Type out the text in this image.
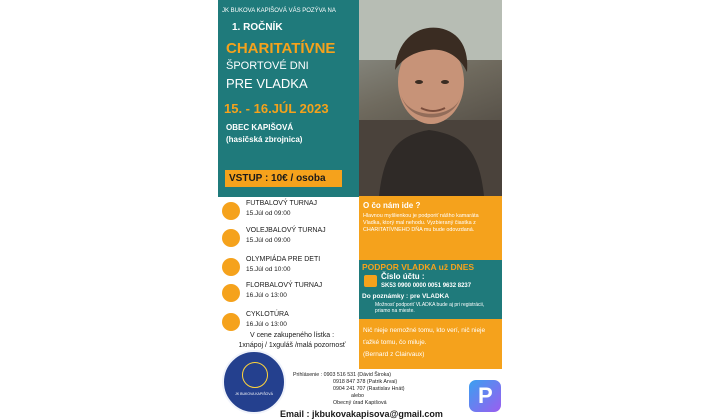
JK BUKOVA KAPIŠOVÁ VÁS POZÝVA NA
1. ROČNÍK
CHARITATÍVNE
ŠPORTOVÉ DNI
PRE VLADKA
15. - 16.JÚL 2023
OBEC KAPIŠOVÁ
(hasičská zbrojnica)
VSTUP : 10€ / osoba
FUTBALOVÝ TURNAJ
15.Júl od 09:00
VOLEJBALOVÝ TURNAJ
15.Júl od 09:00
OLYMPIÁDA PRE DETI
15.Júl od 10:00
FLORBALOVÝ TURNAJ
16.Júl o 13:00
CYKLOTÚRA
16.Júl o 13:00
V cene zakupeného lístka :
1xnápoj / 1xguláš /malá pozornosť
O čo nám ide ?
Hlavnou myšlienkou je podporiť nášho kamaráta Vladka, ktorý mal nehodu. Vyzbieraný čiastka z CHARITATÍVNEHO DŇA mu bude odovzdaná.
PODPOR VLADKA už DNES
Číslo účtu :
SK53 0900 0000 0051 9632 8237
Do poznámky : pre VLADKA
Možnosť podporiť VLADKA bude aj pri registrácii, priamo na mieste.
Nič nieje nemožné tomu, kto verí, nič nieje ťažké tomu, čo miluje.
(Bernard z Clairvaux)
JK BUKOVA KAPIŠOVÁ
Prihlásenie : 0903 516 531 (Dávid Široka)
0918 847 378 (Patrik Arvai)
0904 241 707 (Rastislav Hnát)
alebo
Obecný úrad Kapišová	P
Email : jkbukovakapisova@gmail.com
